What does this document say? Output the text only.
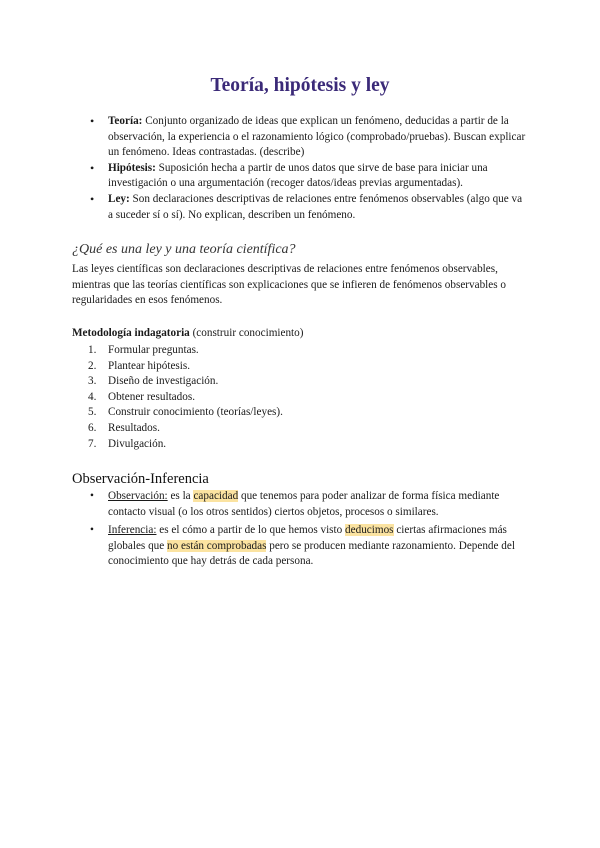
Teoría, hipótesis y ley
• Teoría: Conjunto organizado de ideas que explican un fenómeno, deducidas a partir de la observación, la experiencia o el razonamiento lógico (comprobado/pruebas). Buscan explicar un fenómeno. Ideas contrastadas. (describe)
• Hipótesis: Suposición hecha a partir de unos datos que sirve de base para iniciar una investigación o una argumentación (recoger datos/ideas previas argumentadas).
• Ley: Son declaraciones descriptivas de relaciones entre fenómenos observables (algo que va a suceder sí o sí). No explican, describen un fenómeno.
¿Qué es una ley y una teoría científica?
Las leyes científicas son declaraciones descriptivas de relaciones entre fenómenos observables, mientras que las teorías científicas son explicaciones que se infieren de fenómenos observables o regularidades en esos fenómenos.
Metodología indagatoria (construir conocimiento)
1. Formular preguntas.
2. Plantear hipótesis.
3. Diseño de investigación.
4. Obtener resultados.
5. Construir conocimiento (teorías/leyes).
6. Resultados.
7. Divulgación.
Observación-Inferencia
• Observación: es la capacidad que tenemos para poder analizar de forma física mediante contacto visual (o los otros sentidos) ciertos objetos, procesos o similares.
• Inferencia: es el cómo a partir de lo que hemos visto deducimos ciertas afirmaciones más globales que no están comprobadas pero se producen mediante razonamiento. Depende del conocimiento que hay detrás de cada persona.
